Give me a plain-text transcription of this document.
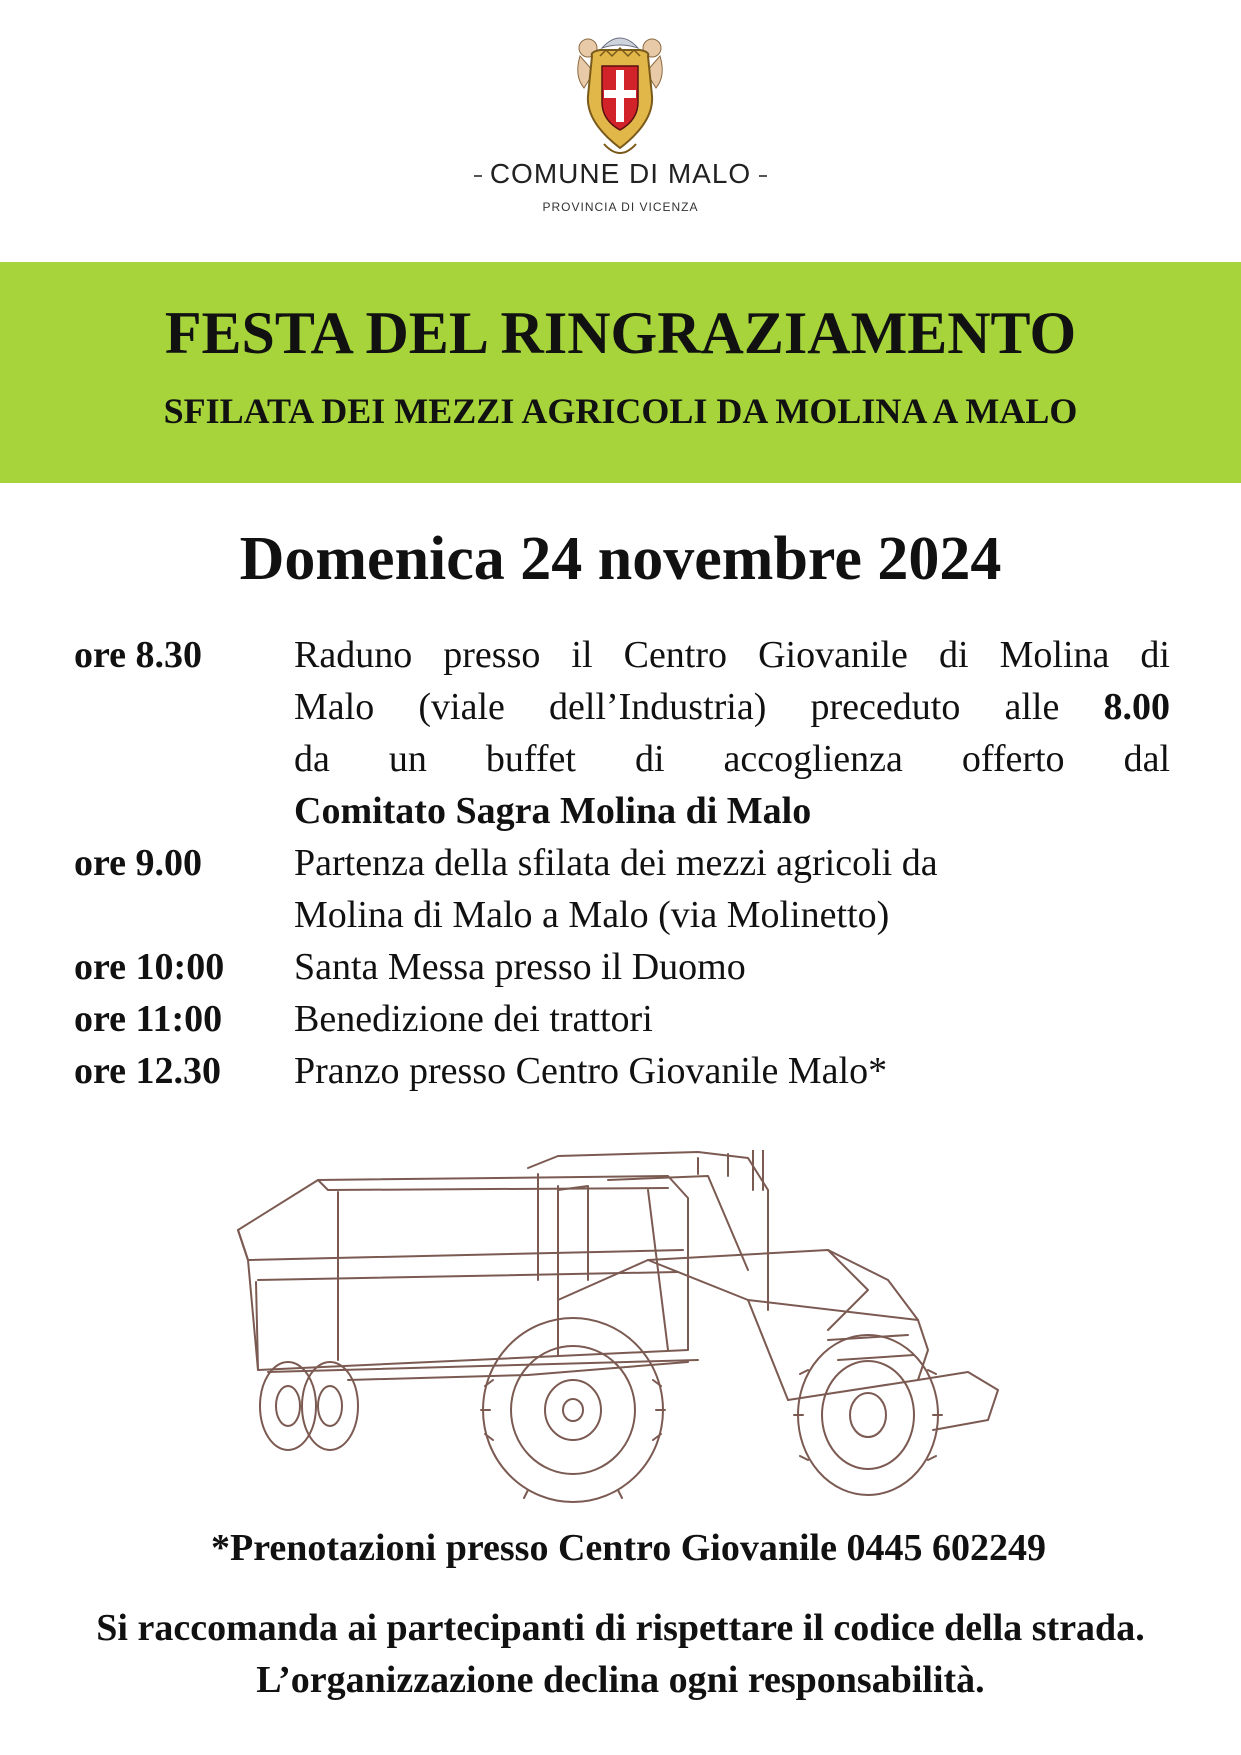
COMUNE DI MALO
PROVINCIA DI VICENZA
FESTA DEL RINGRAZIAMENTO
SFILATA DEI MEZZI AGRICOLI DA MOLINA A MALO
Domenica 24 novembre 2024
ore 8.30 Raduno presso il Centro Giovanile di Molina di
Malo (viale dell’Industria) preceduto alle 8.00
da un buffet di accoglienza offerto dal
Comitato Sagra Molina di Malo
ore 9.00 Partenza della sfilata dei mezzi agricoli da
Molina di Malo a Malo (via Molinetto)
ore 10:00 Santa Messa presso il Duomo
ore 11:00 Benedizione dei trattori
ore 12.30 Pranzo presso Centro Giovanile Malo*
*Prenotazioni presso Centro Giovanile 0445 602249
Si raccomanda ai partecipanti di rispettare il codice della strada.
L’organizzazione declina ogni responsabilità.
